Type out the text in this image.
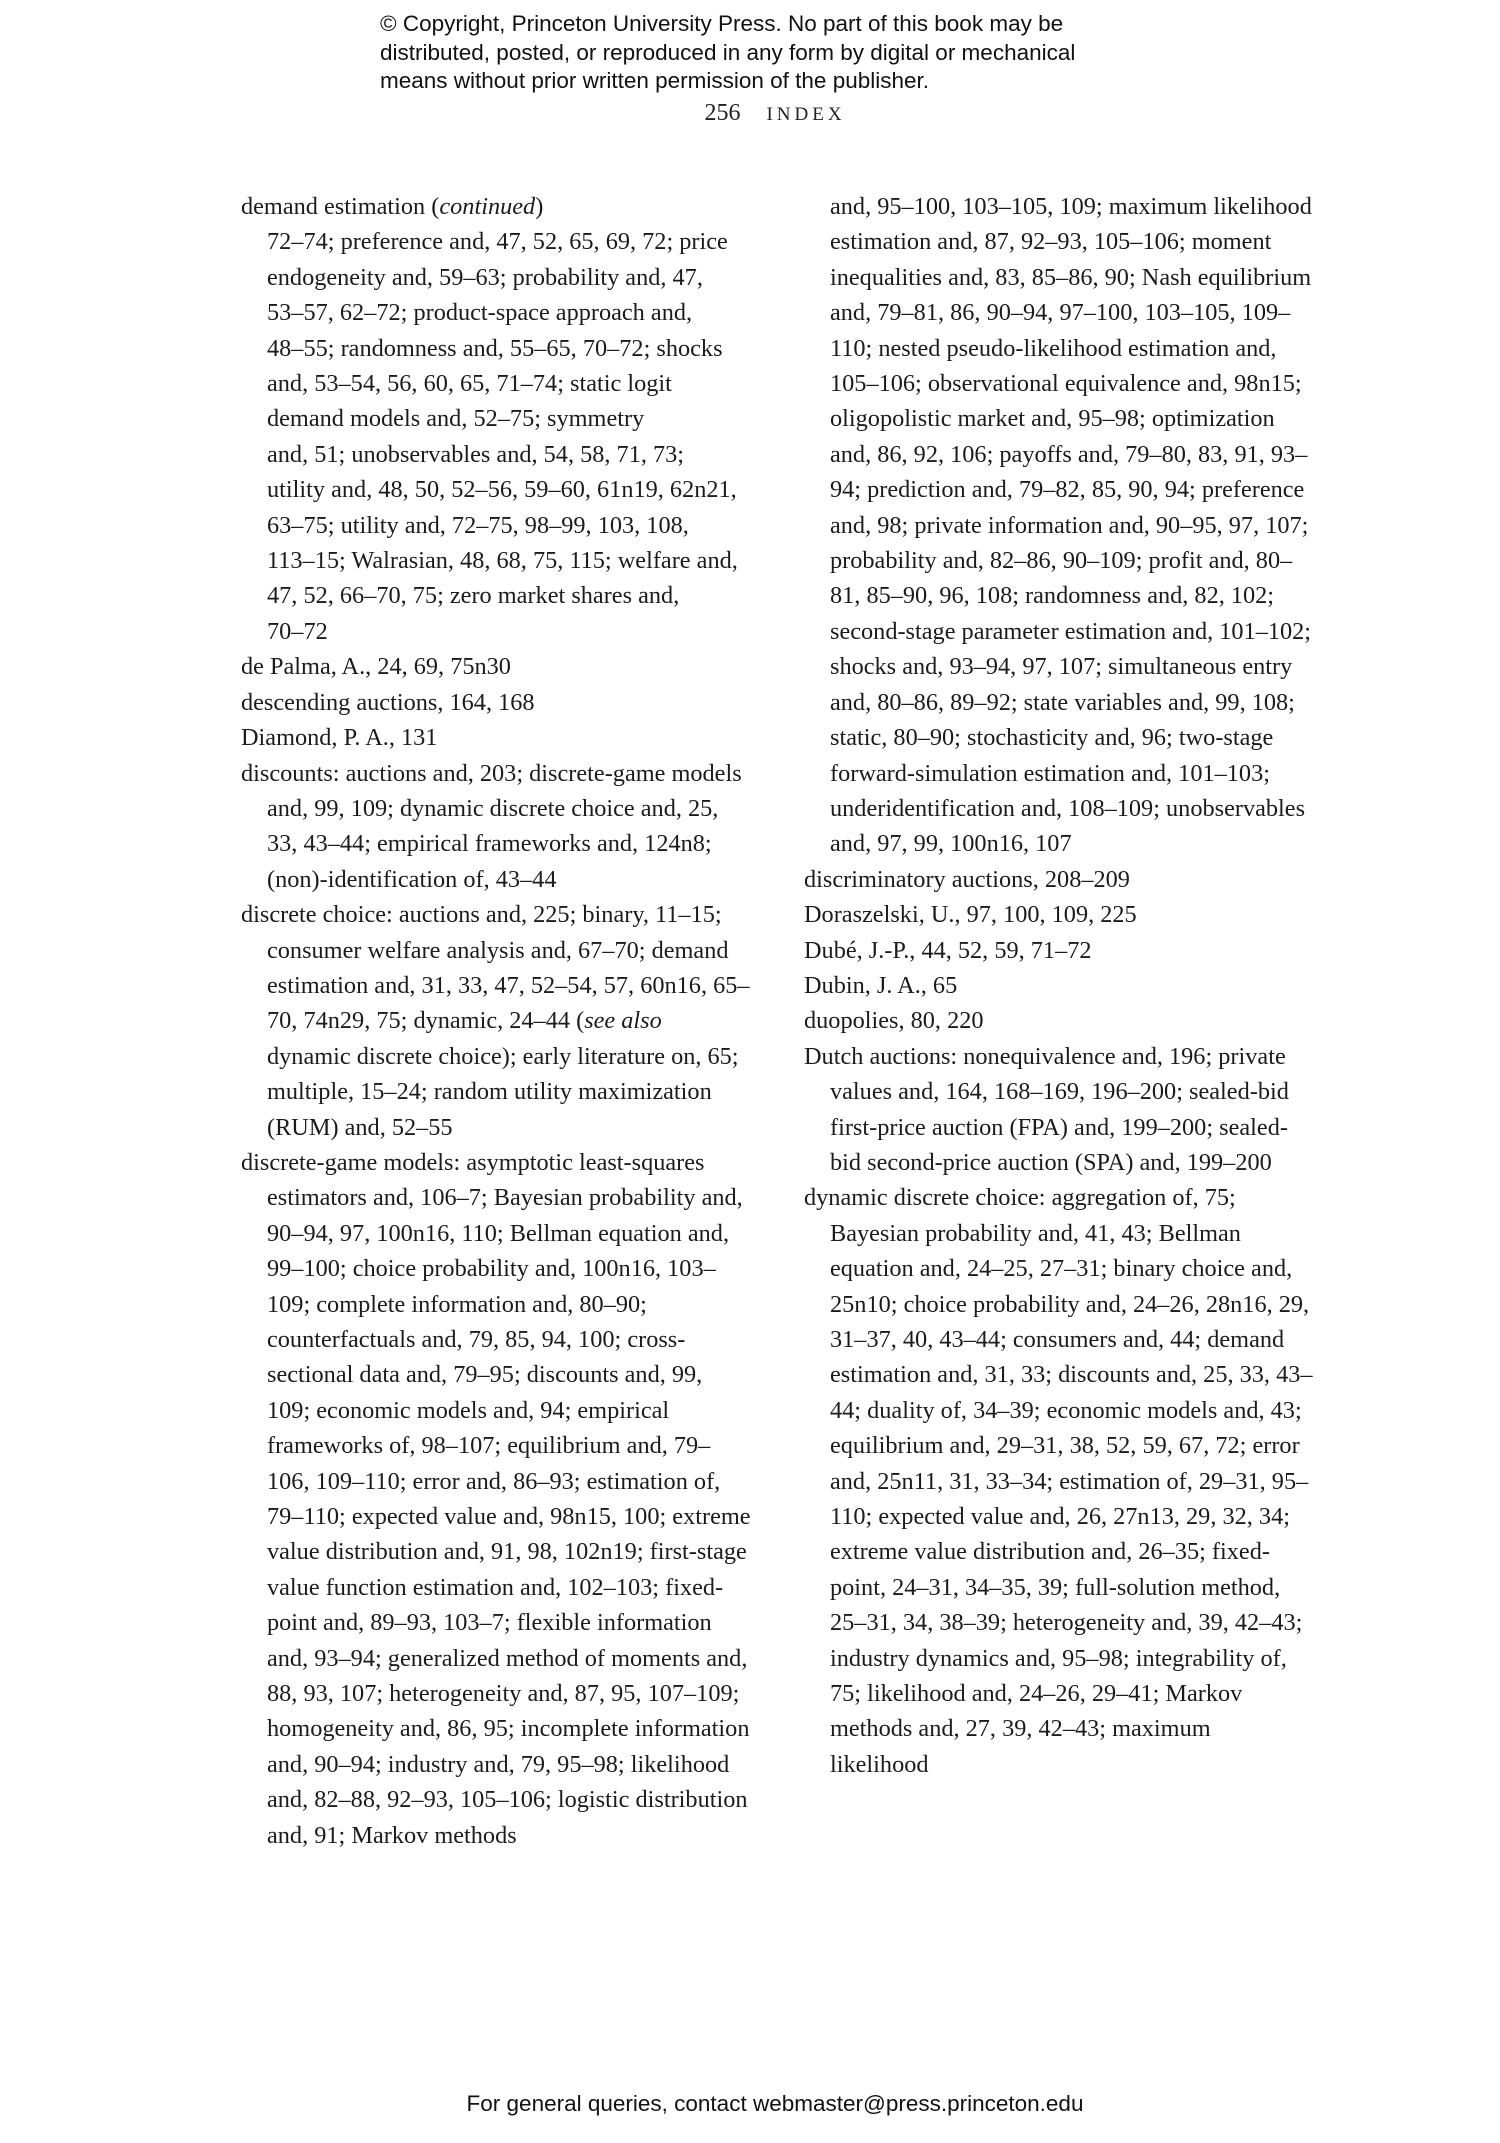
© Copyright, Princeton University Press. No part of this book may be
distributed, posted, or reproduced in any form by digital or mechanical
means without prior written permission of the publisher.
256 INDEX
demand estimation (continued)
72–74; preference and, 47, 52, 65, 69, 72; price
endogeneity and, 59–63; probability and, 47,
53–57, 62–72; product-space approach and,
48–55; randomness and, 55–65, 70–72; shocks
and, 53–54, 56, 60, 65, 71–74; static logit
demand models and, 52–75; symmetry
and, 51; unobservables and, 54, 58, 71, 73;
utility and, 48, 50, 52–56, 59–60, 61n19, 62n21,
63–75; utility and, 72–75, 98–99, 103, 108,
113–15; Walrasian, 48, 68, 75, 115; welfare and,
47, 52, 66–70, 75; zero market shares and,
70–72
de Palma, A., 24, 69, 75n30
descending auctions, 164, 168
Diamond, P. A., 131
discounts: auctions and, 203; discrete-game models and, 99, 109; dynamic discrete choice and, 25, 33, 43–44; empirical frameworks and, 124n8; (non)-identification of, 43–44
discrete choice: auctions and, 225; binary, 11–15; consumer welfare analysis and, 67–70; demand estimation and, 31, 33, 47, 52–54, 57, 60n16, 65–70, 74n29, 75; dynamic, 24–44 (see also dynamic discrete choice); early literature on, 65; multiple, 15–24; random utility maximization (RUM) and, 52–55
discrete-game models: asymptotic least-squares estimators and, 106–7; Bayesian probability and, 90–94, 97, 100n16, 110; Bellman equation and, 99–100; choice probability and, 100n16, 103–109; complete information and, 80–90; counterfactuals and, 79, 85, 94, 100; cross-sectional data and, 79–95; discounts and, 99, 109; economic models and, 94; empirical frameworks of, 98–107; equilibrium and, 79–106, 109–110; error and, 86–93; estimation of, 79–110; expected value and, 98n15, 100; extreme value distribution and, 91, 98, 102n19; first-stage value function estimation and, 102–103; fixed-point and, 89–93, 103–7; flexible information and, 93–94; generalized method of moments and, 88, 93, 107; heterogeneity and, 87, 95, 107–109; homogeneity and, 86, 95; incomplete information and, 90–94; industry and, 79, 95–98; likelihood and, 82–88, 92–93, 105–106; logistic distribution and, 91; Markov methods
and, 95–100, 103–105, 109; maximum likelihood estimation and, 87, 92–93, 105–106; moment inequalities and, 83, 85–86, 90; Nash equilibrium and, 79–81, 86, 90–94, 97–100, 103–105, 109–110; nested pseudo-likelihood estimation and, 105–106; observational equivalence and, 98n15; oligopolistic market and, 95–98; optimization and, 86, 92, 106; payoffs and, 79–80, 83, 91, 93–94; prediction and, 79–82, 85, 90, 94; preference and, 98; private information and, 90–95, 97, 107; probability and, 82–86, 90–109; profit and, 80–81, 85–90, 96, 108; randomness and, 82, 102; second-stage parameter estimation and, 101–102; shocks and, 93–94, 97, 107; simultaneous entry and, 80–86, 89–92; state variables and, 99, 108; static, 80–90; stochasticity and, 96; two-stage forward-simulation estimation and, 101–103; underidentification and, 108–109; unobservables and, 97, 99, 100n16, 107
discriminatory auctions, 208–209
Doraszelski, U., 97, 100, 109, 225
Dubé, J.-P., 44, 52, 59, 71–72
Dubin, J. A., 65
duopolies, 80, 220
Dutch auctions: nonequivalence and, 196; private values and, 164, 168–169, 196–200; sealed-bid first-price auction (FPA) and, 199–200; sealed-bid second-price auction (SPA) and, 199–200
dynamic discrete choice: aggregation of, 75; Bayesian probability and, 41, 43; Bellman equation and, 24–25, 27–31; binary choice and, 25n10; choice probability and, 24–26, 28n16, 29, 31–37, 40, 43–44; consumers and, 44; demand estimation and, 31, 33; discounts and, 25, 33, 43–44; duality of, 34–39; economic models and, 43; equilibrium and, 29–31, 38, 52, 59, 67, 72; error and, 25n11, 31, 33–34; estimation of, 29–31, 95–110; expected value and, 26, 27n13, 29, 32, 34; extreme value distribution and, 26–35; fixed-point, 24–31, 34–35, 39; full-solution method, 25–31, 34, 38–39; heterogeneity and, 39, 42–43; industry dynamics and, 95–98; integrability of, 75; likelihood and, 24–26, 29–41; Markov methods and, 27, 39, 42–43; maximum likelihood
For general queries, contact webmaster@press.princeton.edu
